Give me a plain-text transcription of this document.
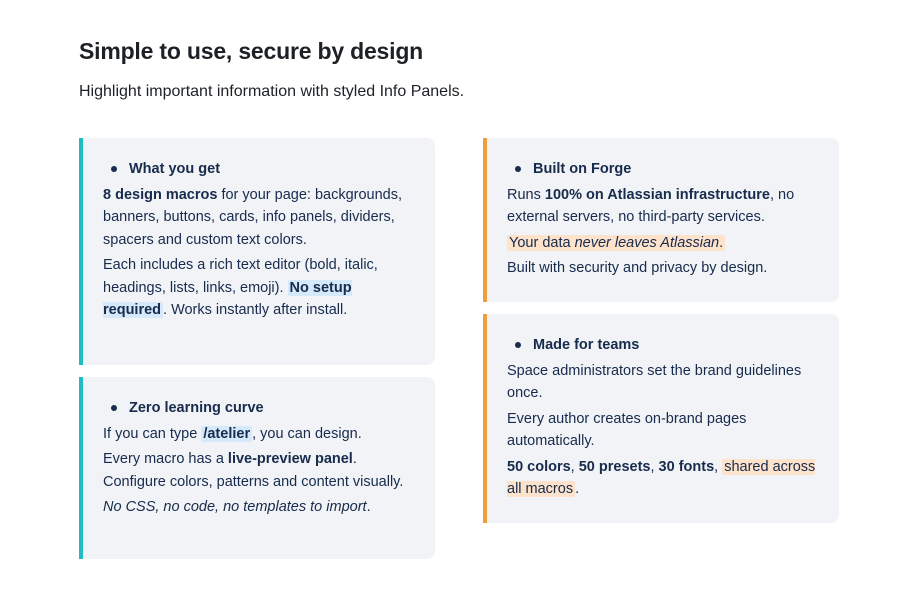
Simple to use, secure by design

Highlight important information with styled Info Panels.

What you get

8 design macros for your page: backgrounds, banners, buttons, cards, info panels, dividers, spacers and custom text colors.

Each includes a rich text editor (bold, italic, headings, lists, links, emoji). No setup required . Works instantly after install.

Zero learning curve

If you can type /atelier , you can design.

Every macro has a live-preview panel. Configure colors, patterns and content visually.

No CSS, no code, no templates to import.

Built on Forge

Runs 100% on Atlassian infrastructure, no external servers, no third-party services.

Your data never leaves Atlassian.

Built with security and privacy by design.

Made for teams

Space administrators set the brand guidelines once.

Every author creates on-brand pages automatically.

50 colors, 50 presets, 30 fonts, shared across all macros .
